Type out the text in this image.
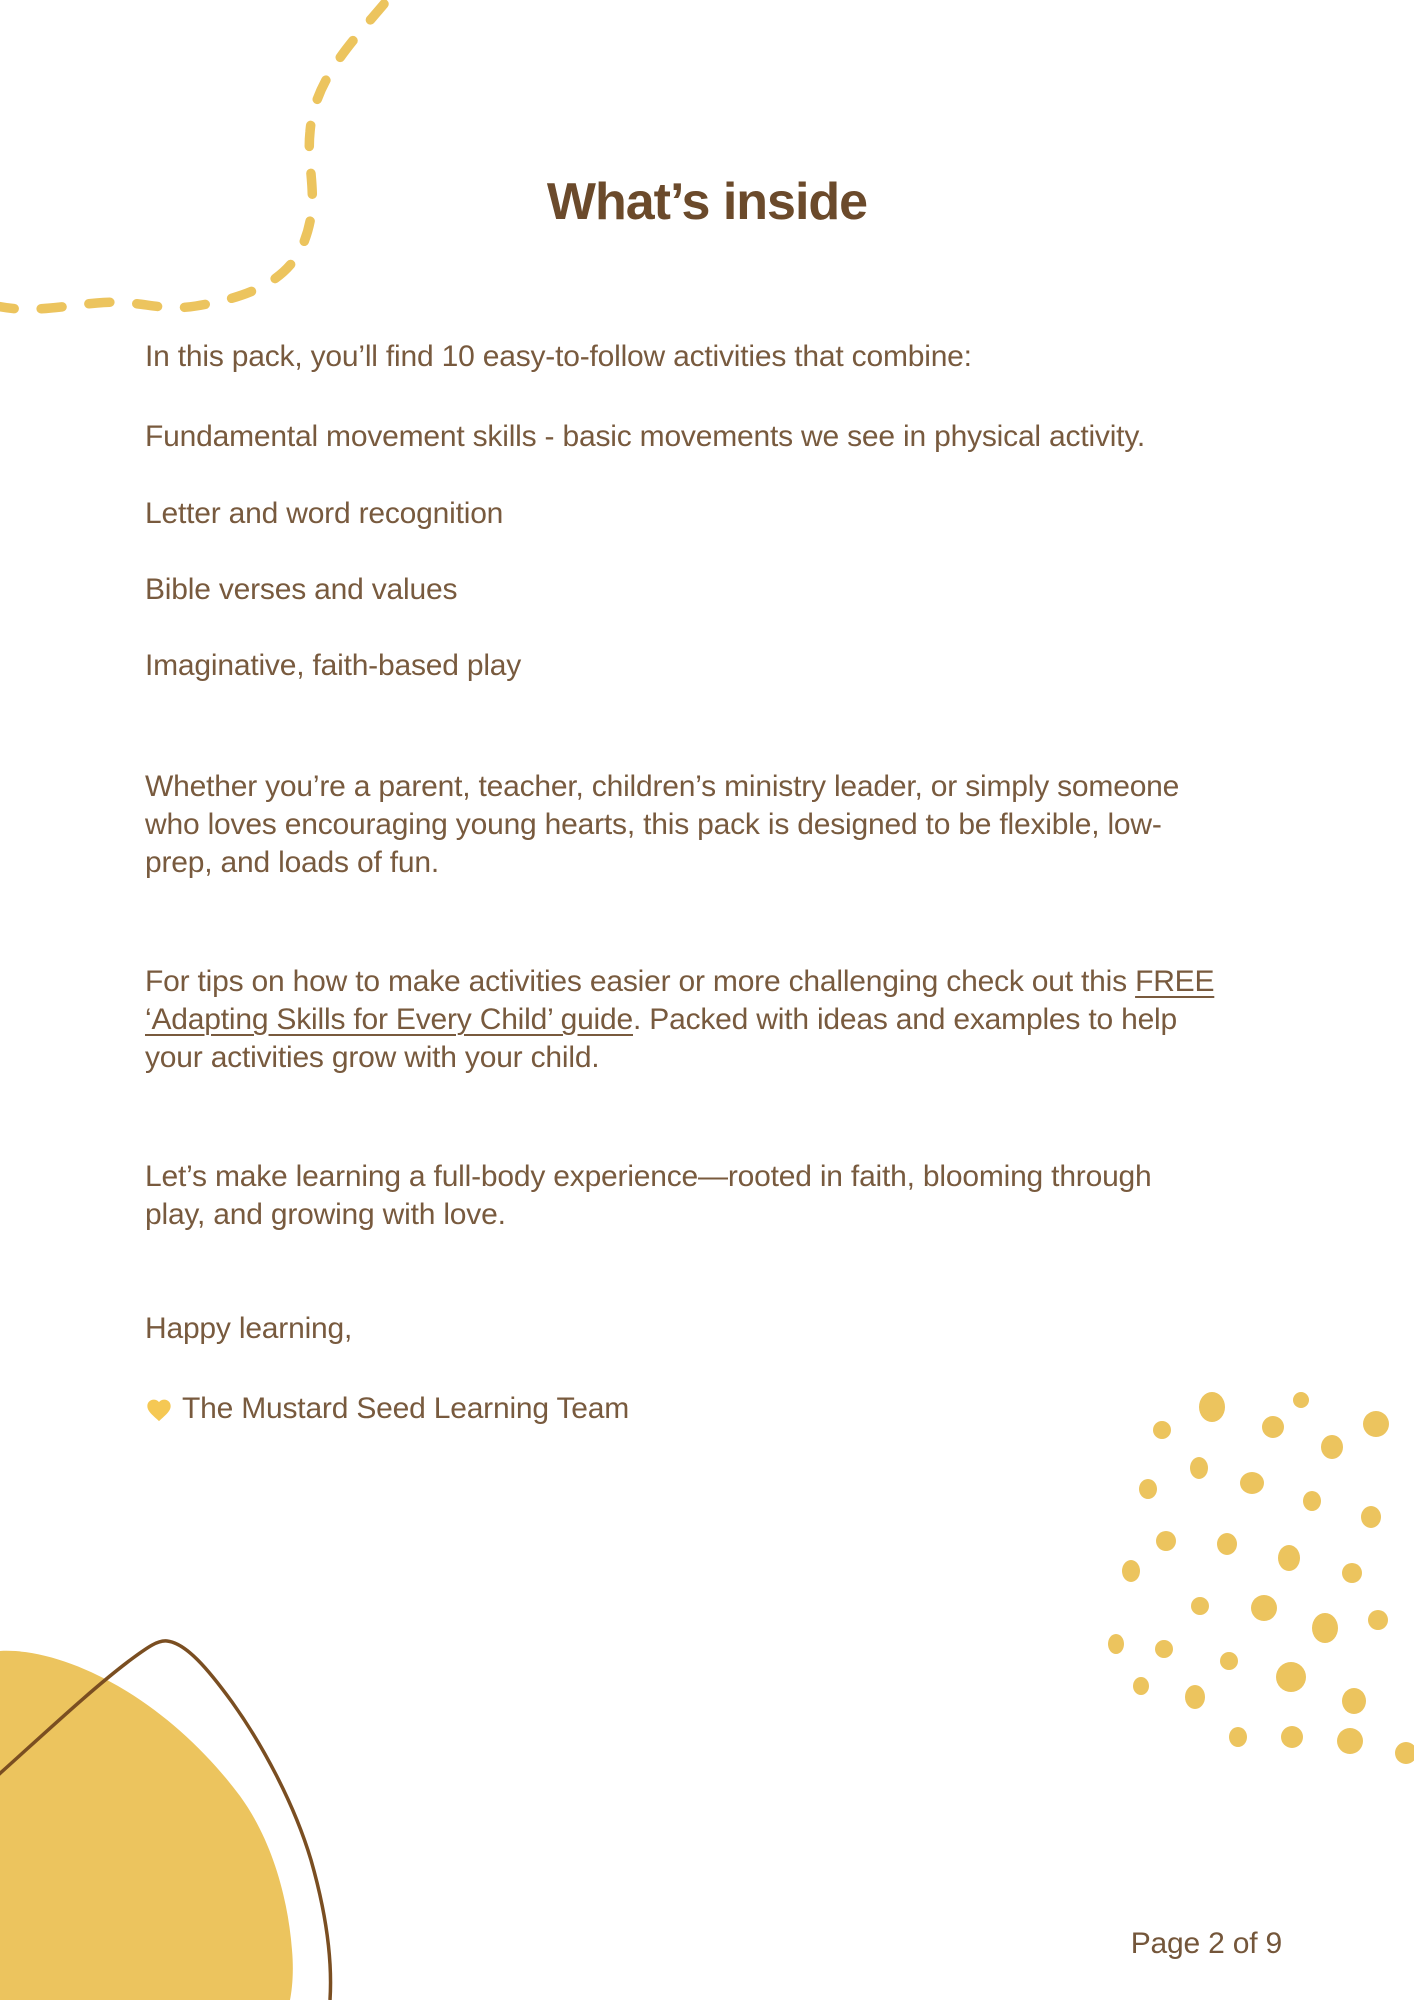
What’s inside
In this pack, you’ll find 10 easy-to-follow activities that combine:
Fundamental movement skills - basic movements we see in physical activity.
Letter and word recognition
Bible verses and values
Imaginative, faith-based play
Whether you’re a parent, teacher, children’s ministry leader, or simply someone
who loves encouraging young hearts, this pack is designed to be flexible, low-
prep, and loads of fun.
For tips on how to make activities easier or more challenging check out this FREE
‘Adapting Skills for Every Child’ guide. Packed with ideas and examples to help
your activities grow with your child.
Let’s make learning a full-body experience—rooted in faith, blooming through
play, and growing with love.
Happy learning,
The Mustard Seed Learning Team
Page 2 of 9
